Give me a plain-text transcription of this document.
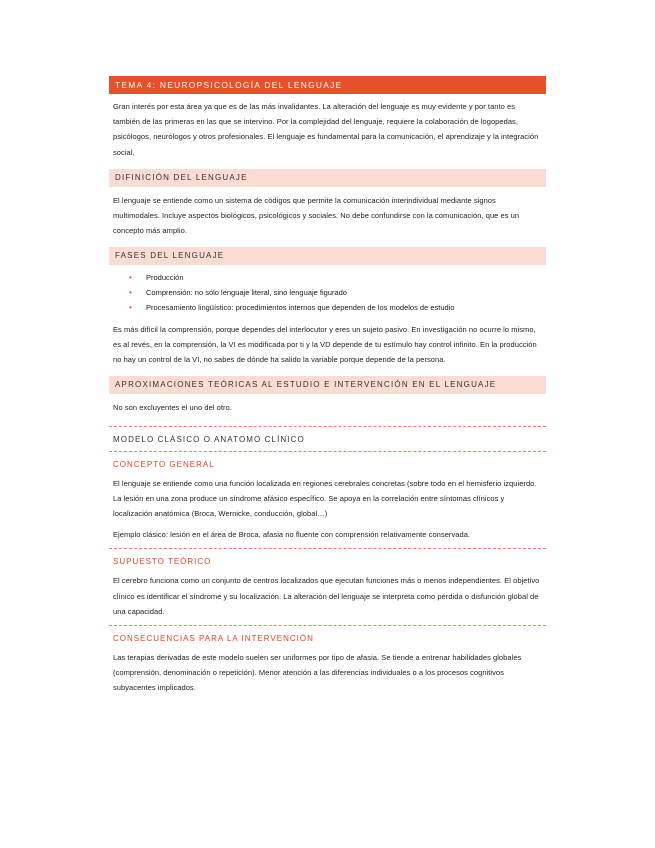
TEMA 4: NEUROPSICOLOGÍA DEL LENGUAJE

Gran interés por esta área ya que es de las más invalidantes. La alteración del lenguaje es muy evidente y por tanto es también de las primeras en las que se intervino. Por la complejidad del lenguaje, requiere la colaboración de logopedas, psicólogos, neurólogos y otros profesionales. El lenguaje es fundamental para la comunicación, el aprendizaje y la integración social.

DIFINICIÓN DEL LENGUAJE

El lenguaje se entiende como un sistema de códigos que permite la comunicación interindividual mediante signos multimodales. Incluye aspectos biológicos, psicológicos y sociales. No debe confundirse con la comunicación, que es un concepto más amplio.

FASES DEL LENGUAJE
• Producción
• Comprensión: no sólo lenguaje literal, sino lenguaje figurado
• Procesamiento lingüístico: procedimientos internos que dependen de los modelos de estudio

Es más difícil la comprensión, porque dependes del interlocutor y eres un sujeto pasivo. En investigación no ocurre lo mismo, es al revés, en la comprensión, la VI es modificada por ti y la VD depende de tu estímulo hay control infinito. En la producción no hay un control de la VI, no sabes de dónde ha salido la variable porque depende de la persona.

APROXIMACIONES TEÓRICAS AL ESTUDIO E INTERVENCIÓN EN EL LENGUAJE

No son excluyentes el uno del otro.

MODELO CLÁSICO O ANATOMO CLÍNICO
CONCEPTO GENERAL

El lenguaje se entiende como una función localizada en regiones cerebrales concretas (sobre todo en el hemisferio izquierdo. La lesión en una zona produce un síndrome afásico específico. Se apoya en la correlación entre síntomas clínicos y localización anatómica (Broca, Wernicke, conducción, global…)

Ejemplo clásico: lesión en el área de Broca, afasia no fluente con comprensión relativamente conservada.

SUPUESTO TEÓRICO

El cerebro funciona como un conjunto de centros localizados que ejecutan funciones más o menos independientes. El objetivo clínico es identificar el síndrome y su localización. La alteración del lenguaje se interpreta como pérdida o disfunción global de una capacidad.

CONSECUENCIAS PARA LA INTERVENCIÓN

Las terapias derivadas de este modelo suelen ser uniformes por tipo de afasia. Se tiende a entrenar habilidades globales (comprensión, denominación o repetición). Menor atención a las diferencias individuales o a los procesos cognitivos subyacentes implicados.
